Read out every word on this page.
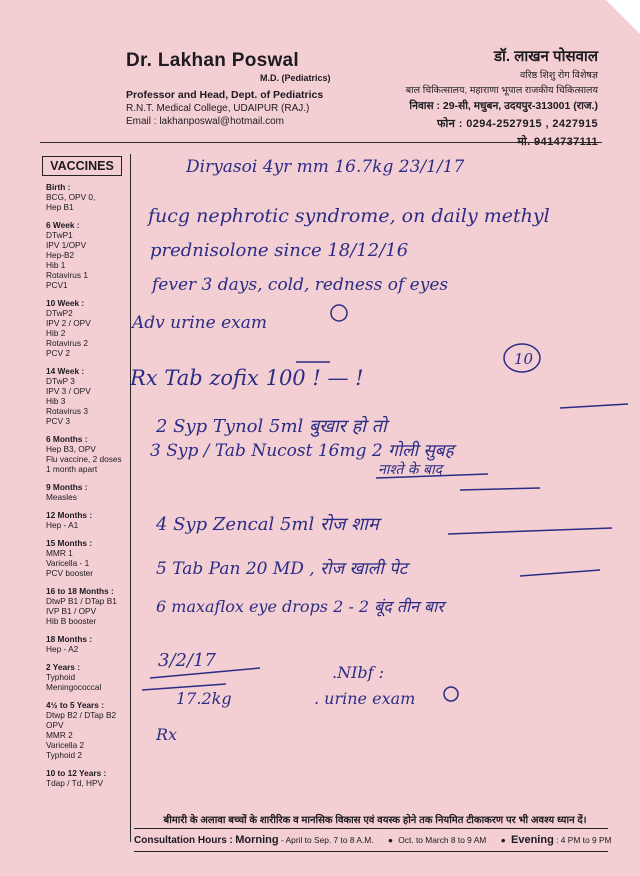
Dr. Lakhan Poswal
M.D. (Pediatrics)
Professor and Head, Dept. of Pediatrics
R.N.T. Medical College, UDAIPUR (RAJ.)
Email : lakhanposwal@hotmail.com
डॉ. लाखन पोसवाल
वरिष्ठ शिशु रोग विशेषज्ञ
बाल चिकित्सालय, महाराणा भूपाल राजकीय चिकित्सालय
निवास : 29-सी, मधुबन, उदयपुर-313001 (राज.)
फोन : 0294-2527915 , 2427915
मो. 9414737111
VACCINES
Birth :
BCG, OPV 0,
Hep B1
6 Week :
DTwP1
IPV 1/OPV
Hep-B2
Hib 1
Rotavirus 1
PCV1
10 Week :
DTwP2
IPV 2 / OPV
Hib 2
Rotavirus 2
PCV 2
14 Week :
DTwP 3
IPV 3 / OPV
Hib 3
Rotavirus 3
PCV 3
6 Months :
Hep B3, OPV
Flu vaccine, 2 doses
1 month apart
9 Months :
Measles
12 Months :
Hep - A1
15 Months :
MMR 1
Varicella - 1
PCV booster
16 to 18 Months :
DtwP B1 / DTap B1
IVP B1 / OPV
Hib B booster
18 Months :
Hep - A2
2 Years :
Typhoid
Meningococcal
4½ to 5 Years :
Dtwp B2 / DTap B2
OPV
MMR 2
Varicella 2
Typhoid 2
10 to 12 Years :
Tdap / Td, HPV
Diryasoi 4yr mm 16.7kg 23/1/17
fucg nephrotic syndrome, on daily methyl
prednisolone since 18/12/16
fever 3 days, cold, redness of eyes
Adv urine exam
Rx Tab zofix 100 ! — !
10
2 Syp Tynol 5ml बुखार हो तो
3 Syp / Tab Nucost 16mg 2 गोली सुबह
नाश्ते के बाद
4 Syp Zencal 5ml रोज शाम
5 Tab Pan 20 MD , रोज खाली पेट
6 maxaflox eye drops 2 - 2 बूंद तीन बार
3/2/17
17.2kg
.NIbf :
. urine exam
Rx
बीमारी के अलावा बच्चों के शारीरिक व मानसिक विकास एवं वयस्क होने तक नियमित टीकाकरण पर भी अवश्य ध्यान दें।
Consultation Hours : Morning - April to Sep. 7 to 8 A.M. ● Oct. to March 8 to 9 AM ● Evening : 4 PM to 9 PM
